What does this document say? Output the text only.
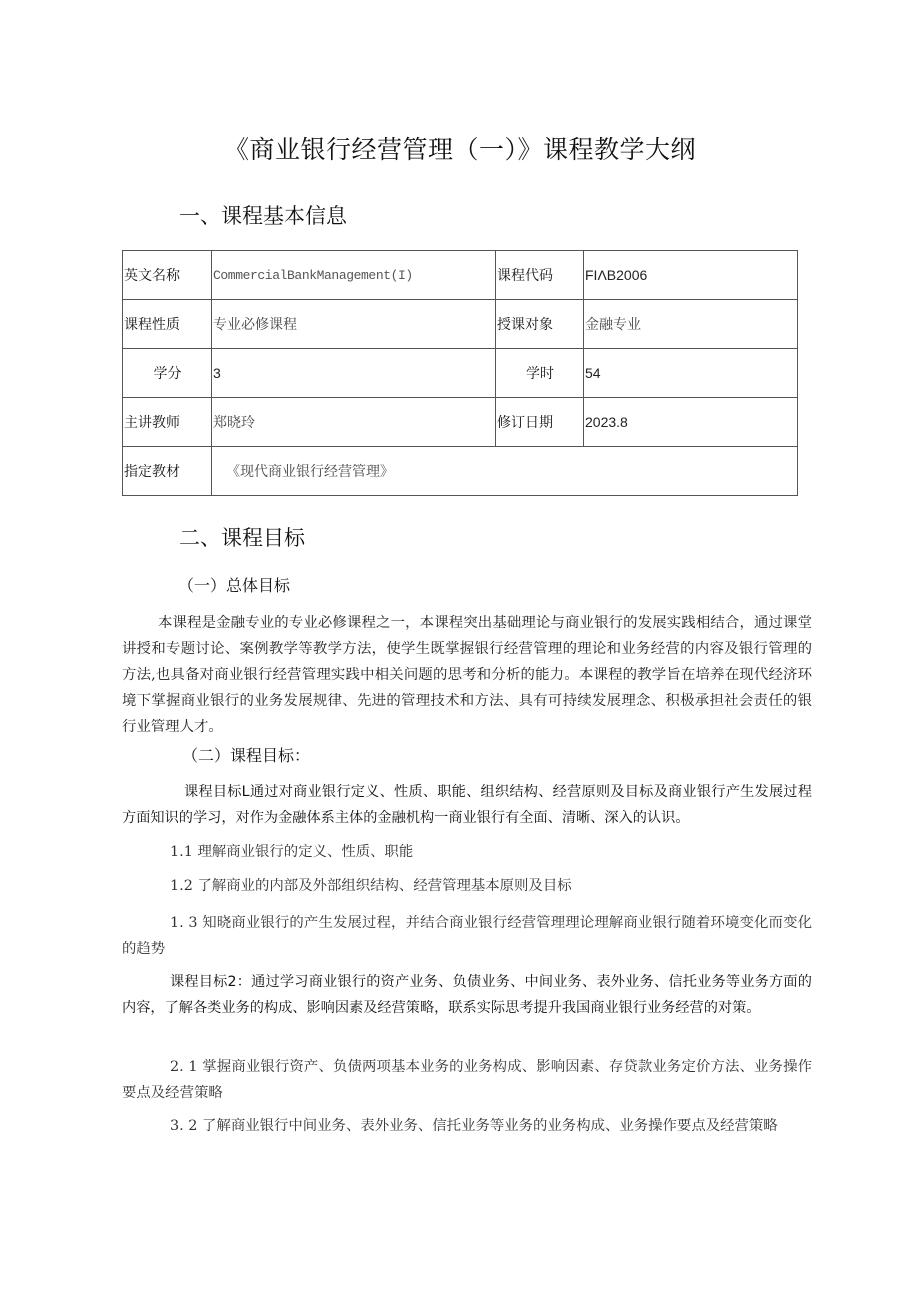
《商业银行经营管理（一）》课程教学大纲
一、课程基本信息
英文名称	CommercialBankManagement(I)	课程代码	FIΛB2006
课程性质	专业必修课程	授课对象	金融专业
学分	3	学时	54
主讲教师	郑晓玲	修订日期	2023.8
指定教材	《现代商业银行经营管理》		
二、课程目标
（一）总体目标
本课程是金融专业的专业必修课程之一，本课程突出基础理论与商业银行的发展实践相结合，通过课堂讲授和专题讨论、案例教学等教学方法，使学生既掌握银行经营管理的理论和业务经营的内容及银行管理的方法,也具备对商业银行经营管理实践中相关问题的思考和分析的能力。本课程的教学旨在培养在现代经济环境下掌握商业银行的业务发展规律、先进的管理技术和方法、具有可持续发展理念、积极承担社会责任的银行业管理人才。
（二）课程目标：
课程目标L通过对商业银行定义、性质、职能、组织结构、经营原则及目标及商业银行产生发展过程方面知识的学习，对作为金融体系主体的金融机构一商业银行有全面、清晰、深入的认识。
1.1 理解商业银行的定义、性质、职能
1.2 了解商业的内部及外部组织结构、经营管理基本原则及目标
1. 3 知晓商业银行的产生发展过程，并结合商业银行经营管理理论理解商业银行随着环境变化而变化的趋势
课程目标2：通过学习商业银行的资产业务、负债业务、中间业务、表外业务、信托业务等业务方面的内容，了解各类业务的构成、影响因素及经营策略，联系实际思考提升我国商业银行业务经营的对策。
2. 1 掌握商业银行资产、负债两项基本业务的业务构成、影响因素、存贷款业务定价方法、业务操作要点及经营策略
3. 2 了解商业银行中间业务、表外业务、信托业务等业务的业务构成、业务操作要点及经营策略
